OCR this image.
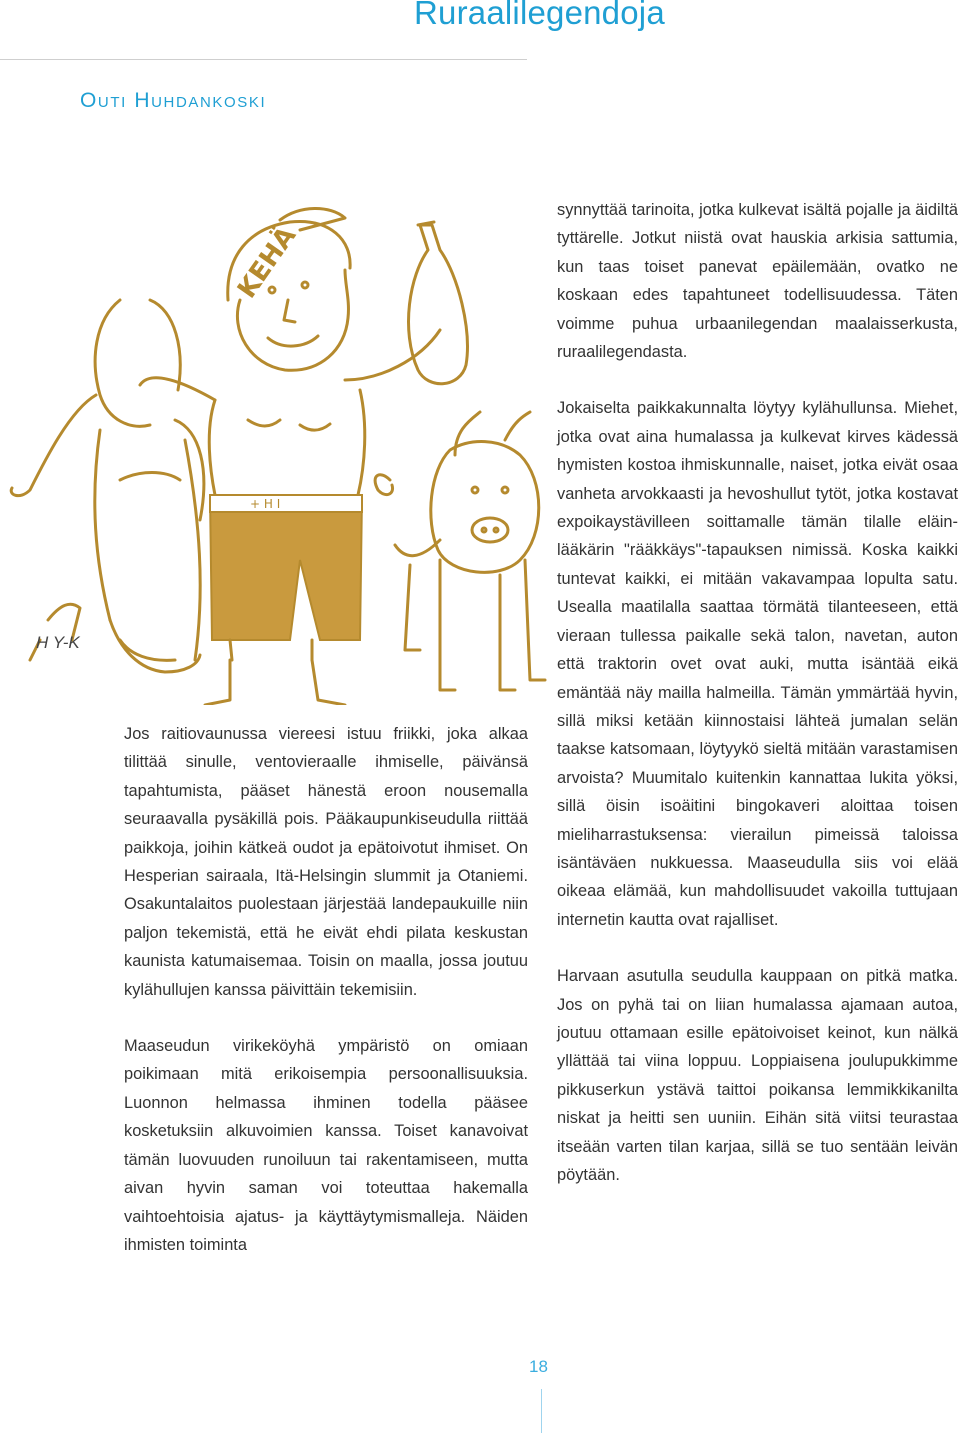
Ruraalilegendoja
Outi Huhdankoski
+ H I
KEHÄ
H Y-K

Jos raitiovaunussa viereesi istuu friikki, joka alkaa tilittää sinulle, ventovieraalle ihmiselle, päivänsä tapahtumista, pääset hänestä eroon nousemalla seuraavalla pysäkillä pois. Pääkaupunkiseudulla riittää paikkoja, joihin kätkeä oudot ja epätoivotut ihmiset. On Hesperian sairaala, Itä-Helsingin slummit ja Otaniemi. Osakuntalaitos puolestaan järjestää landepaukuille niin paljon tekemistä, että he eivät ehdi pilata keskustan kaunista katumaisemaa. Toisin on maalla, jossa joutuu kylähullujen kanssa päivittäin tekemisiin.

Maaseudun virikeköyhä ympäristö on omiaan poikimaan mitä erikoisempia persoonallisuuksia. Luonnon helmassa ihminen todella pääsee kosketuksiin alkuvoimien kanssa. Toiset kanavoivat tämän luovuuden runoiluun tai rakentamiseen, mutta aivan hyvin saman voi toteuttaa hakemalla vaihtoehtoisia ajatus- ja käyttäytymismalleja. Näiden ihmisten toiminta

synnyttää tarinoita, jotka kulkevat isältä pojalle ja äidiltä tyttärelle. Jotkut niistä ovat hauskia arkisia sattumia, kun taas toiset panevat epäilemään, ovatko ne koskaan edes tapahtuneet todellisuudessa. Täten voimme puhua urbaanilegendan maalaisserkusta, ruraalilegendasta.

Jokaiselta paikkakunnalta löytyy kylähullunsa. Miehet, jotka ovat aina humalassa ja kulkevat kirves kädessä hymisten kostoa ihmiskunnalle, naiset, jotka eivät osaa vanheta arvokkaasti ja hevoshullut tytöt, jotka kostavat expoikaystävilleen soittamalle tämän tilalle eläinlääkärin "rääkkäys"-tapauksen nimissä. Koska kaikki tuntevat kaikki, ei mitään vakavampaa lopulta satu. Usealla maatilalla saattaa törmätä tilanteeseen, että vieraan tullessa paikalle sekä talon, navetan, auton että traktorin ovet ovat auki, mutta isäntää eikä emäntää näy mailla halmeilla. Tämän ymmärtää hyvin, sillä miksi ketään kiinnostaisi lähteä jumalan selän taakse katsomaan, löytyykö sieltä mitään varastamisen arvoista? Muumitalo kuitenkin kannattaa lukita yöksi, sillä öisin isoäitini bingokaveri aloittaa toisen mieliharrastuksensa: vierailun pimeissä taloissa isäntäväen nukkuessa. Maaseudulla siis voi elää oikeaa elämää, kun mahdollisuudet vakoilla tuttujaan internetin kautta ovat rajalliset.

Harvaan asutulla seudulla kauppaan on pitkä matka. Jos on pyhä tai on liian humalassa ajamaan autoa, joutuu ottamaan esille epätoivoiset keinot, kun nälkä yllättää tai viina loppuu. Loppiaisena joulupukkimme pikkuserkun ystävä taittoi poikansa lemmikkikanilta niskat ja heitti sen uuniin. Eihän sitä viitsi teurastaa itseään varten tilan karjaa, sillä se tuo sentään leivän pöytään.

18
